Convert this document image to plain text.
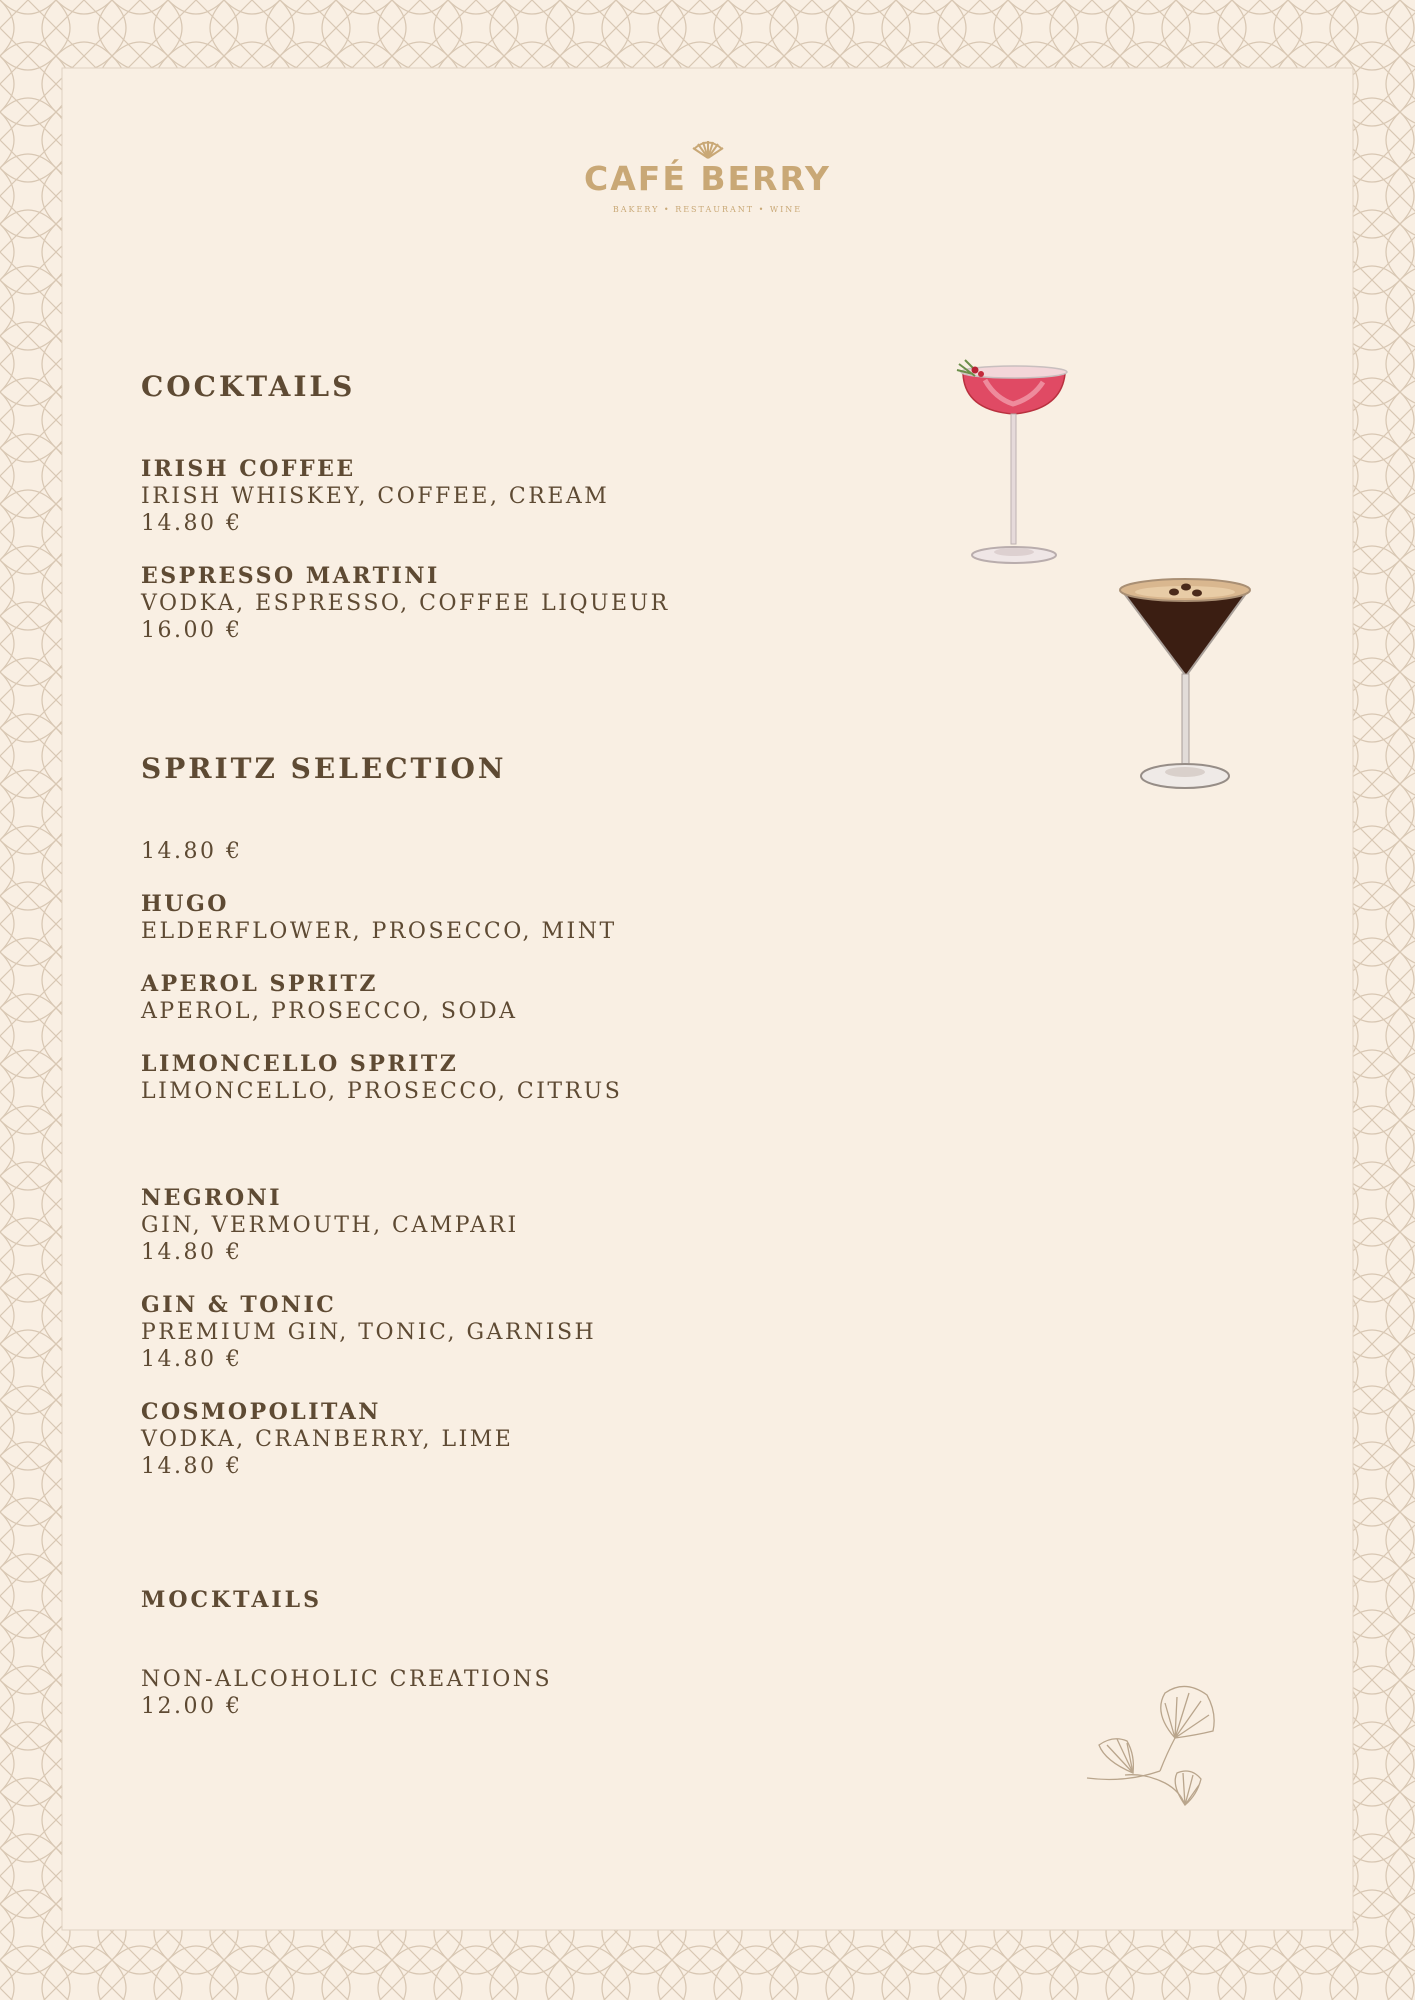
CAFÉ BERRY
BAKERY • RESTAURANT • WINE
COCKTAILS
IRISH COFFEE
IRISH WHISKEY, COFFEE, CREAM
14.80 €
ESPRESSO MARTINI
VODKA, ESPRESSO, COFFEE LIQUEUR
16.00 €
SPRITZ SELECTION
14.80 €
HUGO
ELDERFLOWER, PROSECCO, MINT
APEROL SPRITZ
APEROL, PROSECCO, SODA
LIMONCELLO SPRITZ
LIMONCELLO, PROSECCO, CITRUS
NEGRONI
GIN, VERMOUTH, CAMPARI
14.80 €
GIN & TONIC
PREMIUM GIN, TONIC, GARNISH
14.80 €
COSMOPOLITAN
VODKA, CRANBERRY, LIME
14.80 €
MOCKTAILS
NON-ALCOHOLIC CREATIONS
12.00 €
